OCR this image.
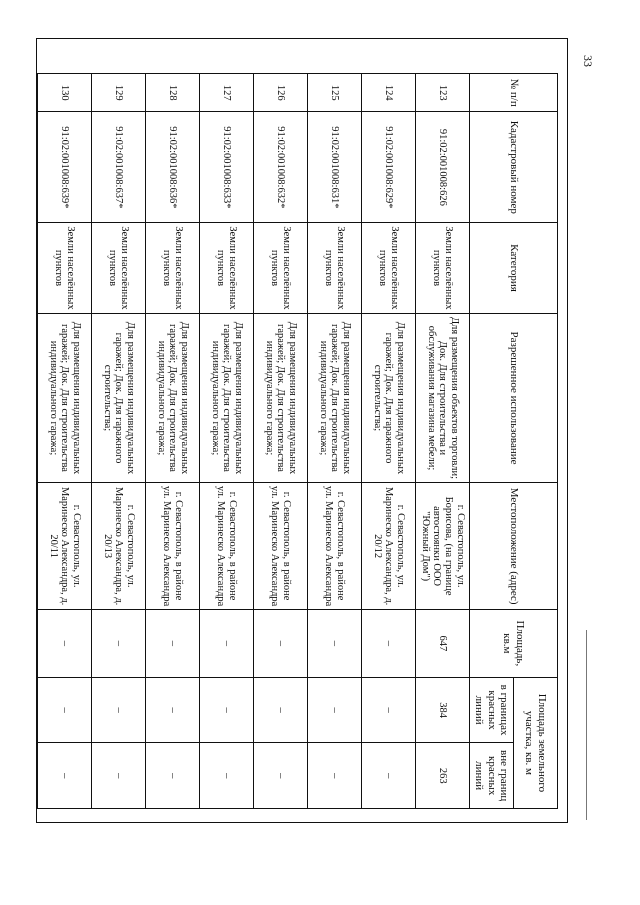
33
№ п/п	Кадастровый номер	Категория	Разрешенное использование	Местоположение (адрес)	Площадь, кв.м	Площадь земельного участка, кв. м	
						в границах красных линий	вне границ красных линий
123	91:02:001008:626	Земли населённых пунктов	Для размещения объектов торговли; Док. Для строительства и обслуживания магазина мебели;	г. Севастополь, ул. Борисова, (на границе автостоянки ООО "Южный Дом")	647	384	263
124	91:02:001008:629*	Земли населённых пунктов	Для размещения индивидуальных гаражей; Док. Для гаражного строительства;	г. Севастополь, ул. Маринеско Александра, д. 20/12	–	–	–
125	91:02:001008:631*	Земли населённых пунктов	Для размещения индивидуальных гаражей; Док. Для строительства индивидуального гаража;	г. Севастополь, в районе ул. Маринеско Александра	–	–	–
126	91:02:001008:632*	Земли населённых пунктов	Для размещения индивидуальных гаражей; Док. Для строительства индивидуального гаража;	г. Севастополь, в районе ул. Маринеско Александра	–	–	–
127	91:02:001008:633*	Земли населённых пунктов	Для размещения индивидуальных гаражей; Док. Для строительства индивидуального гаража;	г. Севастополь, в районе ул. Маринеско Александра	–	–	–
128	91:02:001008:636*	Земли населённых пунктов	Для размещения индивидуальных гаражей; Док. Для строительства индивидуального гаража;	г. Севастополь, в районе ул. Маринеско Александра	–	–	–
129	91:02:001008:637*	Земли населённых пунктов	Для размещения индивидуальных гаражей; Док. Для гаражного строительства;	г. Севастополь, ул. Маринеско Александра, д. 20/13	–	–	–
130	91:02:001008:639*	Земли населённых пунктов	Для размещения индивидуальных гаражей; Док. Для строительства индивидуального гаража;	г. Севастополь, ул. Маринеско Александра, д. 20/11	–	–	–
